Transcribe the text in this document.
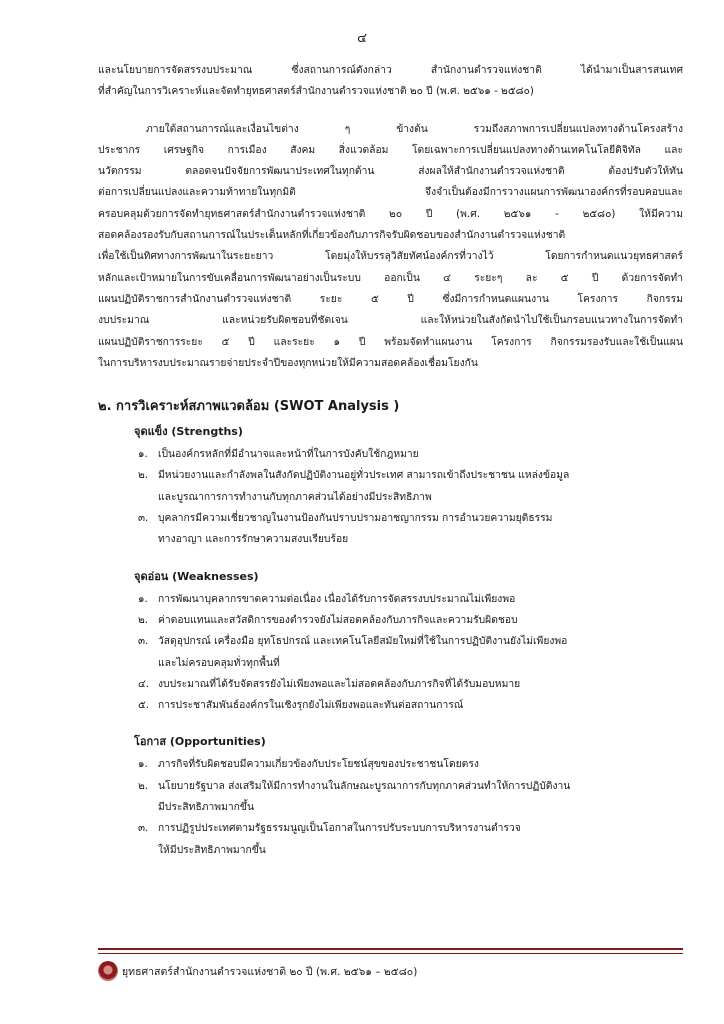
๔
และนโยบายการจัดสรรงบประมาณ ซึ่งสถานการณ์ดังกล่าว สำนักงานตำรวจแห่งชาติ ได้นำมาเป็นสารสนเทศ
ที่สำคัญในการวิเคราะห์และจัดทำยุทธศาสตร์สำนักงานตำรวจแห่งชาติ ๒๐ ปี (พ.ศ. ๒๕๖๑ - ๒๕๘๐)
ภายใต้สถานการณ์และเงื่อนไขต่าง ๆ ข้างต้น รวมถึงสภาพการเปลี่ยนแปลงทางด้านโครงสร้าง
ประชากร เศรษฐกิจ การเมือง สังคม สิ่งแวดล้อม โดยเฉพาะการเปลี่ยนแปลงทางด้านเทคโนโลยีดิจิทัล และ
นวัตกรรม ตลอดจนปัจจัยการพัฒนาประเทศในทุกด้าน ส่งผลให้สำนักงานตำรวจแห่งชาติ ต้องปรับตัวให้ทัน
ต่อการเปลี่ยนแปลงและความท้าทายในทุกมิติ จึงจำเป็นต้องมีการวางแผนการพัฒนาองค์กรที่รอบคอบและ
ครอบคลุมด้วยการจัดทำยุทธศาสตร์สำนักงานตำรวจแห่งชาติ ๒๐ ปี (พ.ศ. ๒๕๖๑ - ๒๕๘๐) ให้มีความ
สอดคล้องรองรับกับสถานการณ์ในประเด็นหลักที่เกี่ยวข้องกับภารกิจรับผิดชอบของสำนักงานตำรวจแห่งชาติ
เพื่อใช้เป็นทิศทางการพัฒนาในระยะยาว โดยมุ่งให้บรรลุวิสัยทัศน์องค์กรที่วางไว้ โดยการกำหนดแนวยุทธศาสตร์
หลักและเป้าหมายในการขับเคลื่อนการพัฒนาอย่างเป็นระบบ ออกเป็น ๔ ระยะๆ ละ ๕ ปี ด้วยการจัดทำ
แผนปฏิบัติราชการสำนักงานตำรวจแห่งชาติ ระยะ ๕ ปี ซึ่งมีการกำหนดแผนงาน โครงการ กิจกรรม
งบประมาณ และหน่วยรับผิดชอบที่ชัดเจน และให้หน่วยในสังกัดนำไปใช้เป็นกรอบแนวทางในการจัดทำ
แผนปฏิบัติราชการระยะ ๕ ปี และระยะ ๑ ปี พร้อมจัดทำแผนงาน โครงการ กิจกรรมรองรับและใช้เป็นแผน
ในการบริหารงบประมาณรายจ่ายประจำปีของทุกหน่วยให้มีความสอดคล้องเชื่อมโยงกัน
๒. การวิเคราะห์สภาพแวดล้อม (SWOT Analysis )
จุดแข็ง (Strengths)
๑. เป็นองค์กรหลักที่มีอำนาจและหน้าที่ในการบังคับใช้กฎหมาย
๒. มีหน่วยงานและกำลังพลในสังกัดปฏิบัติงานอยู่ทั่วประเทศ สามารถเข้าถึงประชาชน แหล่งข้อมูล
และบูรณาการการทำงานกับทุกภาคส่วนได้อย่างมีประสิทธิภาพ
๓. บุคลากรมีความเชี่ยวชาญในงานป้องกันปราบปรามอาชญากรรม การอำนวยความยุติธรรม
ทางอาญา และการรักษาความสงบเรียบร้อย
จุดอ่อน (Weaknesses)
๑. การพัฒนาบุคลากรขาดความต่อเนื่อง เนื่องได้รับการจัดสรรงบประมาณไม่เพียงพอ
๒. ค่าตอบแทนและสวัสดิการของตำรวจยังไม่สอดคล้องกับภารกิจและความรับผิดชอบ
๓. วัสดุอุปกรณ์ เครื่องมือ ยุทโธปกรณ์ และเทคโนโลยีสมัยใหม่ที่ใช้ในการปฏิบัติงานยังไม่เพียงพอ
และไม่ครอบคลุมทั่วทุกพื้นที่
๔. งบประมาณที่ได้รับจัดสรรยังไม่เพียงพอและไม่สอดคล้องกับภารกิจที่ได้รับมอบหมาย
๕. การประชาสัมพันธ์องค์กรในเชิงรุกยังไม่เพียงพอและทันต่อสถานการณ์
โอกาส (Opportunities)
๑. ภารกิจที่รับผิดชอบมีความเกี่ยวข้องกับประโยชน์สุขของประชาชนโดยตรง
๒. นโยบายรัฐบาล ส่งเสริมให้มีการทำงานในลักษณะบูรณาการกับทุกภาคส่วนทำให้การปฏิบัติงาน
มีประสิทธิภาพมากขึ้น
๓. การปฏิรูปประเทศตามรัฐธรรมนูญเป็นโอกาสในการปรับระบบการบริหารงานตำรวจ
ให้มีประสิทธิภาพมากขึ้น
ยุทธศาสตร์สำนักงานตำรวจแห่งชาติ ๒๐ ปี (พ.ศ. ๒๕๖๑ – ๒๕๘๐)
